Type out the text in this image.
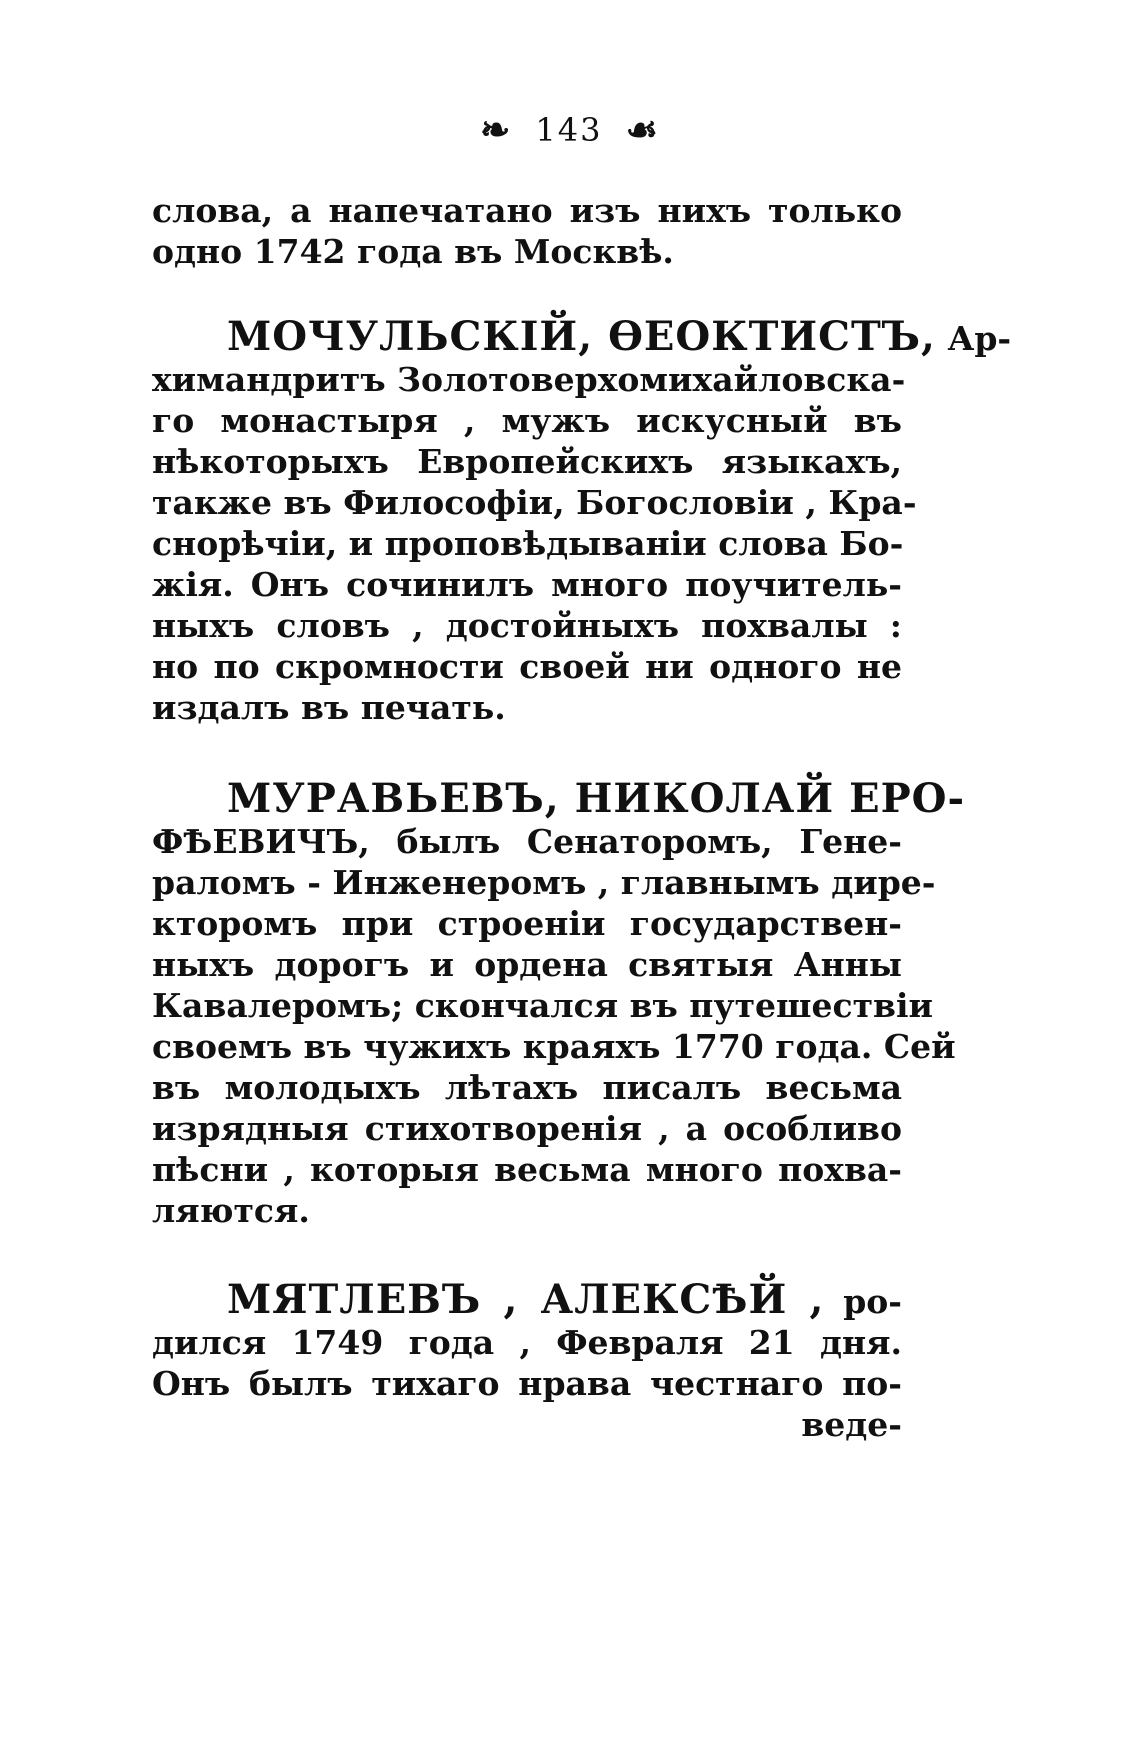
❧ 143 ☙
слова, а напечатано изъ нихъ только
одно 1742 года въ Москвѣ.
МОЧУЛЬСКІЙ, ѲЕОКТИСТЪ, Ар-
химандритъ Золотоверхомихайловска-
го монастыря , мужъ искусный въ
нѣкоторыхъ Европейскихъ языкахъ,
также въ Философіи, Богословіи , Кра-
снорѣчіи, и проповѣдываніи слова Бо-
жія. Онъ сочинилъ много поучитель-
ныхъ словъ , достойныхъ похвалы :
но по скромности своей ни одного не
издалъ въ печать.
МУРАВЬЕВЪ, НИКОЛАЙ ЕРО-
ФѢЕВИЧЪ, былъ Сенаторомъ, Гене-
раломъ - Инженеромъ , главнымъ дире-
кторомъ при строеніи государствен-
ныхъ дорогъ и ордена святыя Анны
Кавалеромъ; скончался въ путешествіи
своемъ въ чужихъ краяхъ 1770 года. Сей
въ молодыхъ лѣтахъ писалъ весьма
изрядныя стихотворенія , а особливо
пѣсни , которыя весьма много похва-
ляются.
МЯТЛЕВЪ , АЛЕКСѢЙ , ро-
дился 1749 года , Февраля 21 дня.
Онъ былъ тихаго нрава честнаго по-
веде-
